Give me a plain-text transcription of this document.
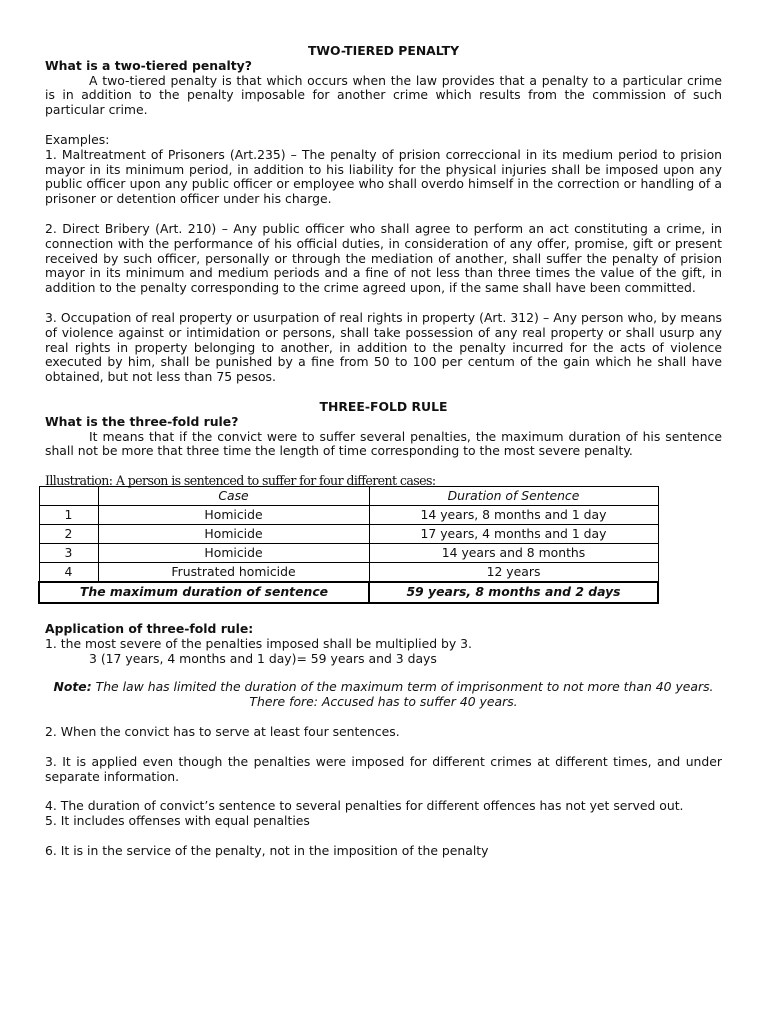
TWO-TIERED PENALTY

What is a two-tiered penalty?

A two-tiered penalty is that which occurs when the law provides that a penalty to a particular crime is in addition to the penalty imposable for another crime which results from the commission of such particular crime.

Examples:

1. Maltreatment of Prisoners (Art.235) – The penalty of prision correccional in its medium period to prision mayor in its minimum period, in addition to his liability for the physical injuries shall be imposed upon any public officer upon any public officer or employee who shall overdo himself in the correction or handling of a prisoner or detention officer under his charge.

2. Direct Bribery (Art. 210) – Any public officer who shall agree to perform an act constituting a crime, in connection with the performance of his official duties, in consideration of any offer, promise, gift or present received by such officer, personally or through the mediation of another, shall suffer the penalty of prision mayor in its minimum and medium periods and a fine of not less than three times the value of the gift, in addition to the penalty corresponding to the crime agreed upon, if the same shall have been committed.

3. Occupation of real property or usurpation of real rights in property (Art. 312) – Any person who, by means of violence against or intimidation or persons, shall take possession of any real property or shall usurp any real rights in property belonging to another, in addition to the penalty incurred for the acts of violence executed by him, shall be punished by a fine from 50 to 100 per centum of the gain which he shall have obtained, but not less than 75 pesos.

THREE-FOLD RULE

What is the three-fold rule?

It means that if the convict were to suffer several penalties, the maximum duration of his sentence shall not be more that three time the length of time corresponding to the most severe penalty.

Illustration: A person is sentenced to suffer for four different cases:

	Case	Duration of Sentence
1	Homicide	14 years, 8 months and 1 day
2	Homicide	17 years, 4 months and 1 day
3	Homicide	14 years and 8 months
4	Frustrated homicide	12 years
The maximum duration of sentence		59 years, 8 months and 2 days

Application of three-fold rule:

1. the most severe of the penalties imposed shall be multiplied by 3.

3 (17 years, 4 months and 1 day)= 59 years and 3 days

Note: The law has limited the duration of the maximum term of imprisonment to not more than 40 years.

There fore: Accused has to suffer 40 years.

2. When the convict has to serve at least four sentences.

3. It is applied even though the penalties were imposed for different crimes at different times, and under separate information.

4. The duration of convict’s sentence to several penalties for different offences has not yet served out.

5. It includes offenses with equal penalties

6. It is in the service of the penalty, not in the imposition of the penalty
